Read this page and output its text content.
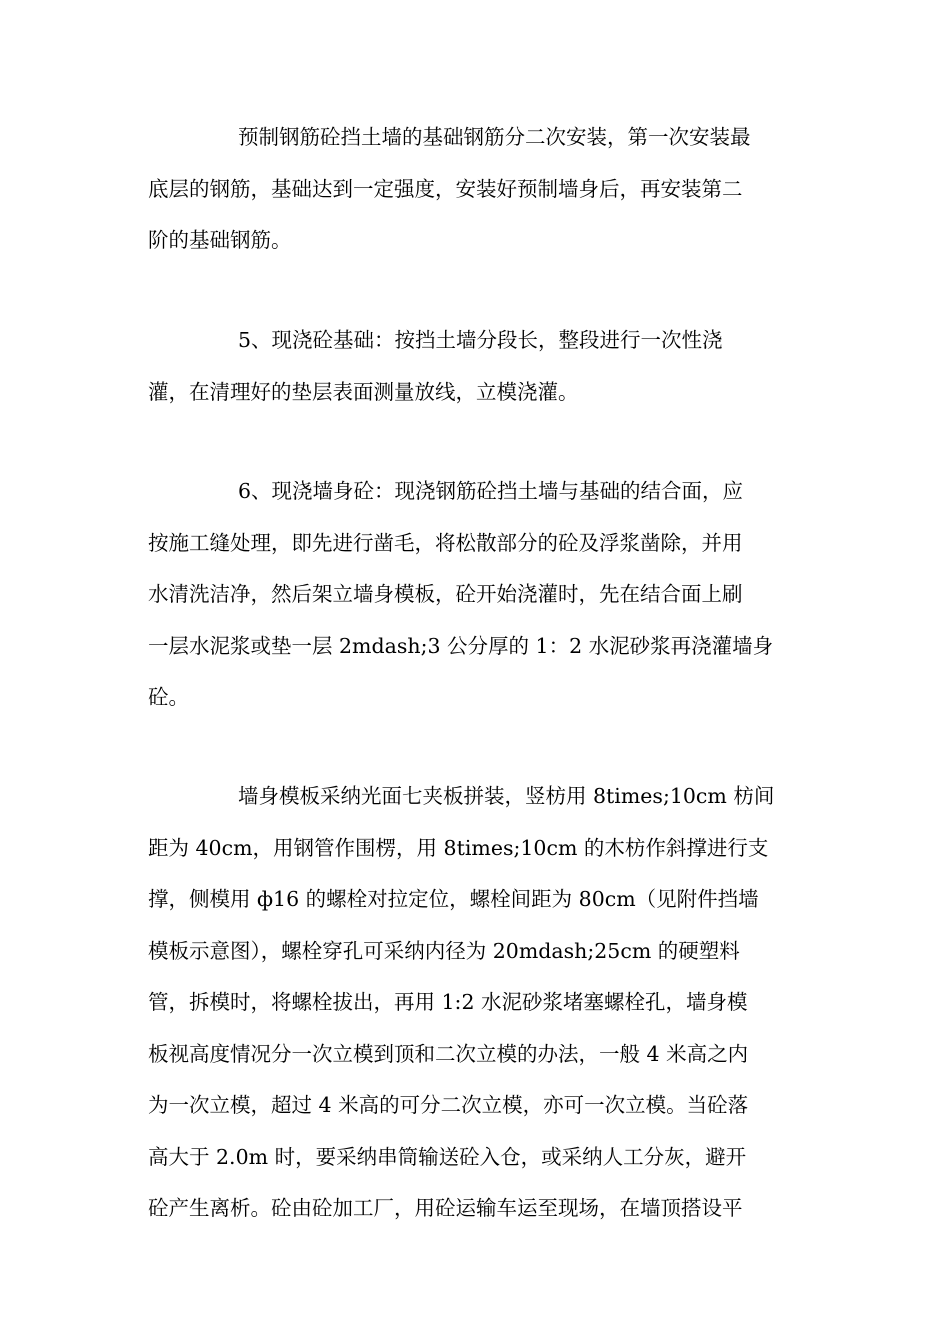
预制钢筋砼挡土墙的基础钢筋分二次安装，第一次安装最
底层的钢筋，基础达到一定强度，安装好预制墙身后，再安装第二
阶的基础钢筋。
5、现浇砼基础：按挡土墙分段长，整段进行一次性浇
灌，在清理好的垫层表面测量放线，立模浇灌。
6、现浇墙身砼：现浇钢筋砼挡土墙与基础的结合面，应
按施工缝处理，即先进行凿毛，将松散部分的砼及浮浆凿除，并用
水清洗洁净，然后架立墙身模板，砼开始浇灌时，先在结合面上刷
一层水泥浆或垫一层 2mdash;3 公分厚的 1：2 水泥砂浆再浇灌墙身
砼。
墙身模板采纳光面七夹板拼装，竖枋用 8times;10cm 枋间
距为 40cm，用钢管作围楞，用 8times;10cm 的木枋作斜撑进行支
撑，侧模用 ф16 的螺栓对拉定位，螺栓间距为 80cm（见附件挡墙
模板示意图），螺栓穿孔可采纳内径为 20mdash;25cm 的硬塑料
管，拆模时，将螺栓拔出，再用 1:2 水泥砂浆堵塞螺栓孔，墙身模
板视高度情况分一次立模到顶和二次立模的办法，一般 4 米高之内
为一次立模，超过 4 米高的可分二次立模，亦可一次立模。当砼落
高大于 2.0m 时，要采纳串筒输送砼入仓，或采纳人工分灰，避开
砼产生离析。砼由砼加工厂，用砼运输车运至现场，在墙顶搭设平
